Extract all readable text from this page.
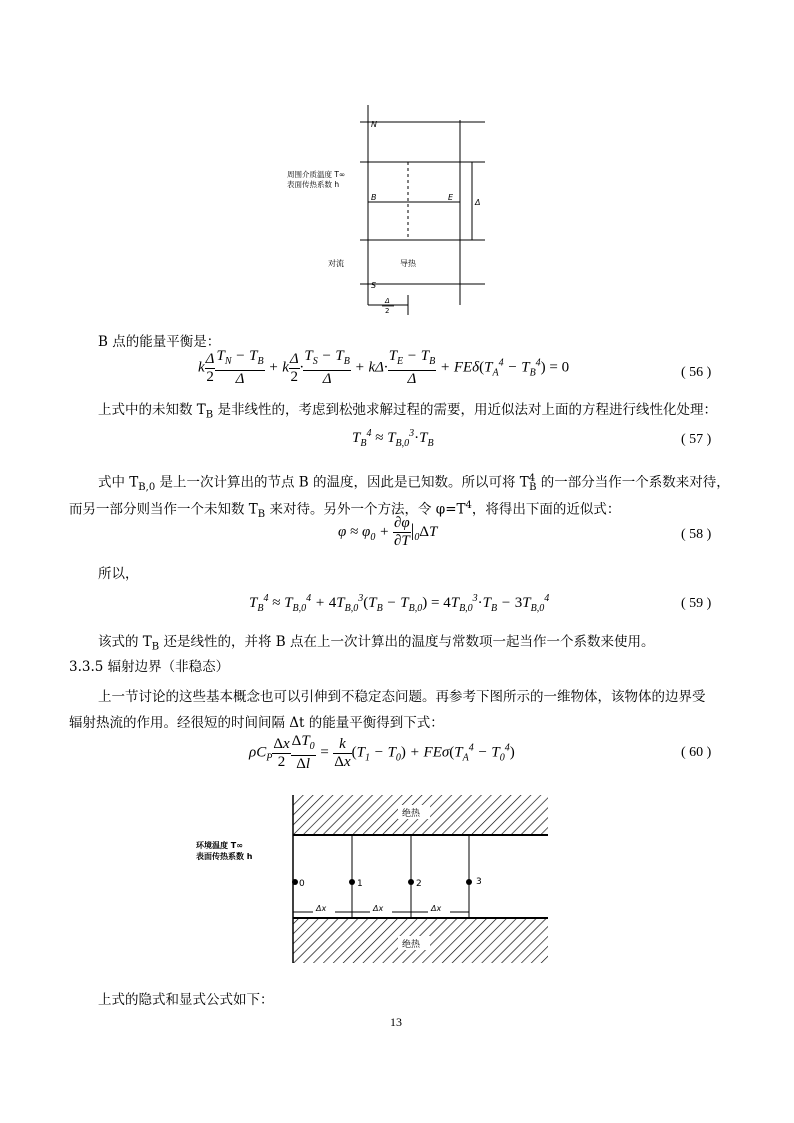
N
B	E
S
Δ
Δ
2
导热
周围介质温度 T∞
表面传热系数 h
对流
B 点的能量平衡是：
k $\frac{\Delta}{2} \frac{T_N - T_B}{\Delta} + k \frac{\Delta}{2} \cdot \frac{T_S - T_B}{\Delta} + k\Delta\cdot \frac{T_E - T_B}{\Delta} + FE\delta(T_A^4 - T_B^4) = 0$	( 56 )
上式中的未知数 $T_B$ 是非线性的，考虑到松弛求解过程的需要，用近似法对上面的方程进行线性化处理：
$T_B^4 \approx T_{B,0}^3\cdot T_B$	( 57 )
式中 $T_{B,0}$ 是上一次计算出的节点 B 的温度，因此是已知数。所以可将 $T^4_B$ 的一部分当作一个系数来对待，
而另一部分则当作一个未知数 $T_B$ 来对待。另外一个方法，令 $\varphi=T^4$，将得出下面的近似式：
$\varphi \approx \varphi_0 + \frac{\partial\varphi}{\partial T} |_0\Delta T$	( 58 )
所以，
$T_B^4 \approx T_{B,0}^4 + 4T_{B,0}^3(T_B - T_{B,0}) = 4T_{B,0}^3\cdot T_B - 3T_{B,0}^4$	( 59 )
该式的 $T_B$ 还是线性的，并将 B 点在上一次计算出的温度与常数项一起当作一个系数来使用。
3.3.5 辐射边界（非稳态）
上一节讨论的这些基本概念也可以引伸到不稳定态问题。再参考下图所示的一维物体，该物体的边界受
辐射热流的作用。经很短的时间间隔 Δt 的能量平衡得到下式：
$\rho C_P \frac{\Delta x}{2} \frac{\Delta T_0}{\Delta l} = \frac{k}{\Delta x} (T_1 - T_0) + FE\sigma(T_A^4 - T_0^4)$	( 60 )
绝热
绝热
0	1	2	3
Δx	Δx	Δx
环境温度 T∞
表面传热系数 h
上式的隐式和显式公式如下：
13
